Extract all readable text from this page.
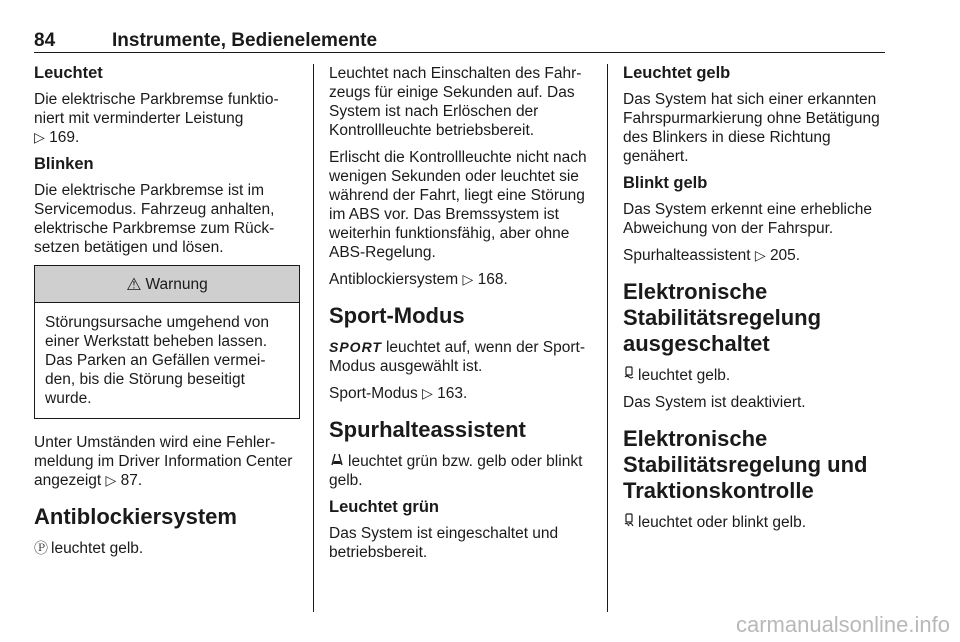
84	Instrumente, Bedienelemente
Leuchtet

Die elektrische Parkbremse funktioniert mit verminderter Leistung
▷ 169.

Blinken

Die elektrische Parkbremse ist im Servicemodus. Fahrzeug anhalten, elektrische Parkbremse zum Rücksetzen betätigen und lösen.

⚠ Warnung
Störungsursache umgehend von einer Werkstatt beheben lassen. Das Parken an Gefällen vermeiden, bis die Störung beseitigt wurde.

Unter Umständen wird eine Fehlermeldung im Driver Information Center angezeigt ▷ 87.

Antiblockiersystem

Ⓟ leuchtet gelb.

Leuchtet nach Einschalten des Fahrzeugs für einige Sekunden auf. Das System ist nach Erlöschen der Kontrollleuchte betriebsbereit.

Erlischt die Kontrollleuchte nicht nach wenigen Sekunden oder leuchtet sie während der Fahrt, liegt eine Störung im ABS vor. Das Bremssystem ist weiterhin funktionsfähig, aber ohne ABS-Regelung.

Antiblockiersystem ▷ 168.

Sport-Modus

SPORT leuchtet auf, wenn der Sport-Modus ausgewählt ist.

Sport-Modus ▷ 163.

Spurhalteassistent

leuchtet grün bzw. gelb oder blinkt gelb.

Leuchtet grün

Das System ist eingeschaltet und betriebsbereit.

Leuchtet gelb

Das System hat sich einer erkannten Fahrspurmarkierung ohne Betätigung des Blinkers in diese Richtung genähert.

Blinkt gelb

Das System erkennt eine erhebliche Abweichung von der Fahrspur.

Spurhalteassistent ▷ 205.

Elektronische Stabilitätsregelung ausgeschaltet

leuchtet gelb.

Das System ist deaktiviert.

Elektronische Stabilitätsregelung und Traktionskontrolle

leuchtet oder blinkt gelb.

carmanualsonline.info
